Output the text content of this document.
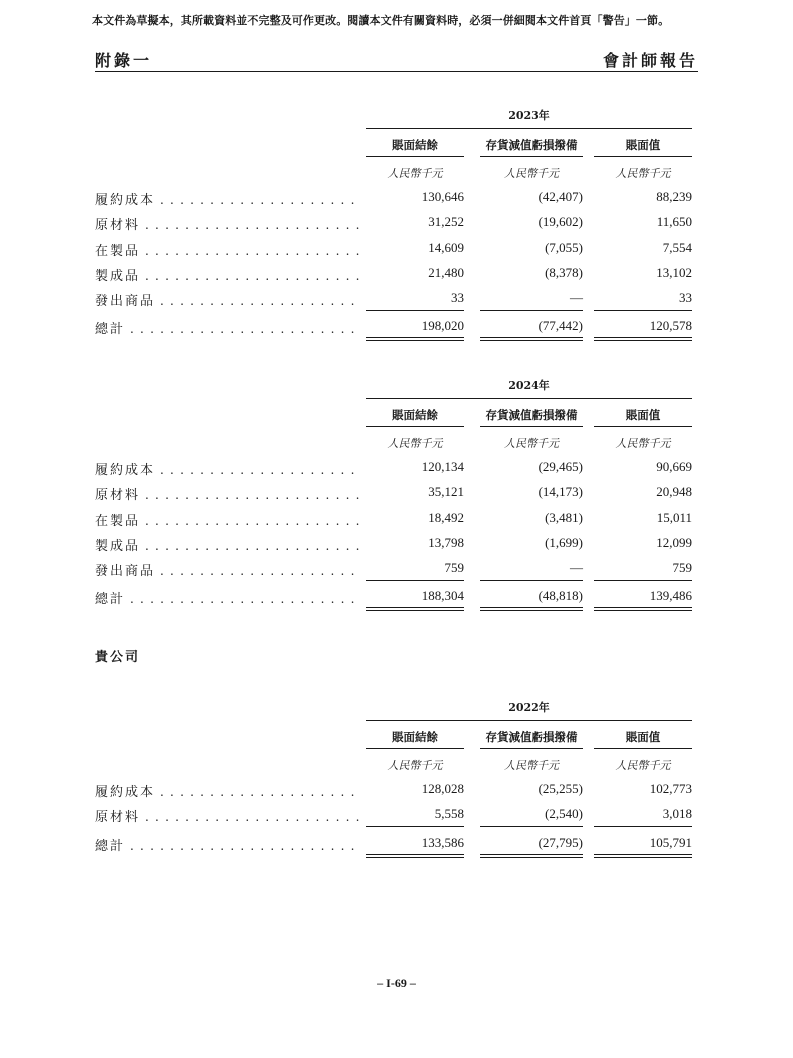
本文件為草擬本，其所載資料並不完整及可作更改。閱讀本文件有關資料時，必須一併細閱本文件首頁「警告」一節。
附錄一	會計師報告
2023年
賬面結餘	存貨減值虧損撥備	賬面值
人民幣千元	人民幣千元	人民幣千元
履約成本 . . .	130,646	(42,407)	88,239
原材料 . . .	31,252	(19,602)	11,650
在製品 . . .	14,609	(7,055)	7,554
製成品 . . .	21,480	(8,378)	13,102
發出商品 . . .	33	—	33
總計 . . .	198,020	(77,442)	120,578
2024年
賬面結餘	存貨減值虧損撥備	賬面值
人民幣千元	人民幣千元	人民幣千元
履約成本 . . .	120,134	(29,465)	90,669
原材料 . . .	35,121	(14,173)	20,948
在製品 . . .	18,492	(3,481)	15,011
製成品 . . .	13,798	(1,699)	12,099
發出商品 . . .	759	—	759
總計 . . .	188,304	(48,818)	139,486
貴公司
2022年
賬面結餘	存貨減值虧損撥備	賬面值
人民幣千元	人民幣千元	人民幣千元
履約成本 . . .	128,028	(25,255)	102,773
原材料 . . .	5,558	(2,540)	3,018
總計 . . .	133,586	(27,795)	105,791
– I-69 –
